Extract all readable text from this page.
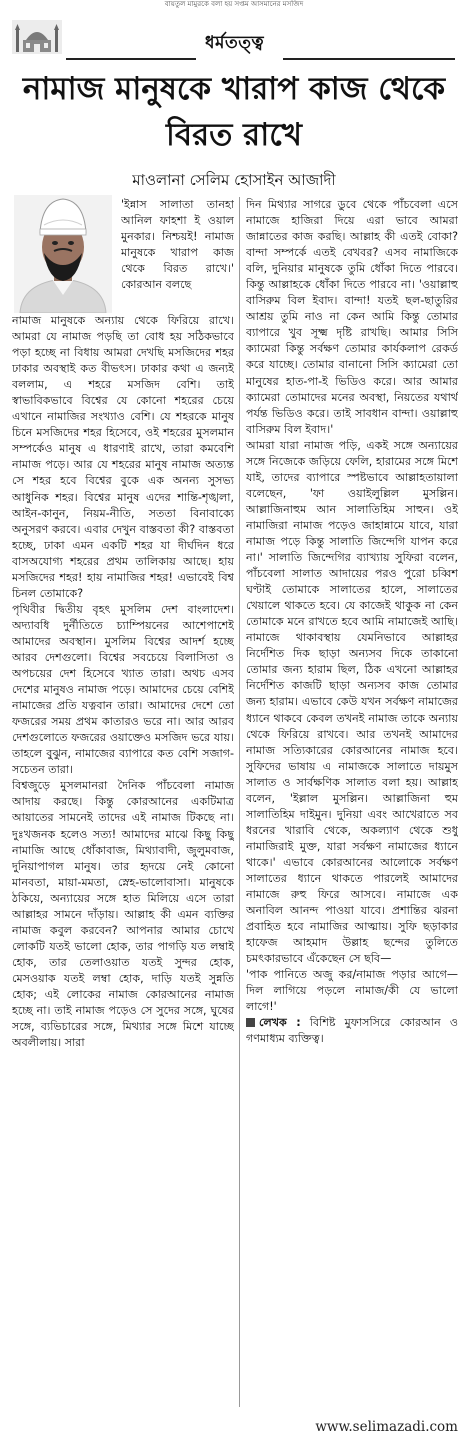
বায়তুল মামুরকে বলা হয় সপ্তম আসমানের মসজিদ
ধর্মতত্ত্ব
নামাজ মানুষকে খারাপ কাজ থেকে বিরত রাখে
মাওলানা সেলিম হোসাইন আজাদী

'ইন্নাস সালাতা তানহা আনিল ফাহশা ই ওয়াল মুনকার। নিশ্চয়ই! নামাজ মানুষকে খারাপ কাজ থেকে বিরত রাখে।' কোরআন বলছে

নামাজ মানুষকে অন্যায় থেকে ফিরিয়ে রাখে। আমরা যে নামাজ পড়ছি তা বোধ হয় সঠিকভাবে পড়া হচ্ছে না বিধায় আমরা দেখছি মসজিদের শহর ঢাকার অবস্থাই কত বীভৎস। ঢাকার কথা এ জন্যই বললাম, এ শহরে মসজিদ বেশি। তাই স্বাভাবিকভাবে বিশ্বের যে কোনো শহরের চেয়ে এখানে নামাজির সংখ্যাও বেশি। যে শহরকে মানুষ চিনে মসজিদের শহর হিসেবে, ওই শহরের মুসলমান সম্পর্কেও মানুষ এ ধারণাই রাখে, তারা কমবেশি নামাজ পড়ে। আর যে শহরের মানুষ নামাজ অত্যন্ত সে শহর হবে বিশ্বের বুকে এক অনন্য সুসভ্য আধুনিক শহর। বিশ্বের মানুষ এদের শান্তি-শৃঙ্খলা, আইন-কানুন, নিয়ম-নীতি, সততা বিনাবাক্যে অনুসরণ করবে। এবার দেখুন বাস্তবতা কী? বাস্তবতা হচ্ছে, ঢাকা এমন একটি শহর যা দীর্ঘদিন ধরে বাসঅযোগ্য শহরের প্রথম তালিকায় আছে। হায় মসজিদের শহর! হায় নামাজির শহর! এভাবেই বিশ্ব চিনল তোমাকে?

পৃথিবীর দ্বিতীয় বৃহৎ মুসলিম দেশ বাংলাদেশ। অদ্যাবধি দুর্নীতিতে চ্যাম্পিয়নের আশেপাশেই আমাদের অবস্থান। মুসলিম বিশ্বের আদর্শ হচ্ছে আরব দেশগুলো। বিশ্বের সবচেয়ে বিলাসিতা ও অপচয়ের দেশ হিসেবে খ্যাত তারা। অথচ এসব দেশের মানুষও নামাজ পড়ে। আমাদের চেয়ে বেশিই নামাজের প্রতি যত্নবান তারা। আমাদের দেশে তো ফজরের সময় প্রথম কাতারও ভরে না। আর আরব দেশগুলোতে ফজরের ওয়াক্তেও মসজিদ ভরে যায়। তাহলে বুঝুন, নামাজের ব্যাপারে কত বেশি সজাগ-সচেতন তারা।

বিশ্বজুড়ে মুসলমানরা দৈনিক পাঁচবেলা নামাজ আদায় করছে। কিন্তু কোরআনের একটিমাত্র আয়াতের সামনেই তাদের এই নামাজ টিকছে না। দুঃখজনক হলেও সত্য! আমাদের মাঝে কিছু কিছু নামাজি আছে ধোঁকাবাজ, মিথ্যাবাদী, জুলুমবাজ, দুনিয়াপাগল মানুষ। তার হৃদয়ে নেই কোনো মানবতা, মায়া-মমতা, স্নেহ-ভালোবাসা। মানুষকে ঠকিয়ে, অন্যায়ের সঙ্গে হাত মিলিয়ে এসে তারা আল্লাহর সামনে দাঁড়ায়। আল্লাহ কী এমন ব্যক্তির নামাজ কবুল করবেন? আপনার আমার চোখে লোকটি যতই ভালো হোক, তার পাগড়ি যত লম্বাই হোক, তার তেলাওয়াত যতই সুন্দর হোক, মেসওয়াক যতই লম্বা হোক, দাড়ি যতই সুন্নতি হোক; এই লোকের নামাজ কোরআনের নামাজ হচ্ছে না। তাই নামাজ পড়েও সে সুদের সঙ্গে, ঘুষের সঙ্গে, ব্যভিচারের সঙ্গে, মিথ্যার সঙ্গে মিশে যাচ্ছে অবলীলায়। সারা

দিন মিথ্যার সাগরে ডুবে থেকে পাঁচবেলা এসে নামাজে হাজিরা দিয়ে এরা ভাবে আমরা জান্নাতের কাজ করছি। আল্লাহ কী এতই বোকা? বান্দা সম্পর্কে এতই বেখবর? এসব নামাজিকে বলি, দুনিয়ার মানুষকে তুমি ধোঁকা দিতে পারবে। কিন্তু আল্লাহকে ধোঁকা দিতে পারবে না। 'ওয়াল্লাহু বাসিরুম বিল ইবাদ। বান্দা! যতই ছল-ছাতুরির আশ্রয় তুমি নাও না কেন আমি কিন্তু তোমার ব্যাপারে খুব সূক্ষ্ম দৃষ্টি রাখছি। আমার সিসি ক্যামেরা কিন্তু সর্বক্ষণ তোমার কার্যকলাপ রেকর্ড করে যাচ্ছে। তোমার বানানো সিসি ক্যামেরা তো মানুষের হাত-পা-ই ভিডিও করে। আর আমার ক্যামেরা তোমাদের মনের অবস্থা, নিয়তের যথার্থ পর্যন্ত ভিডিও করে। তাই সাবধান বান্দা। ওয়াল্লাহু বাসিরুম বিল ইবাদ।'

আমরা যারা নামাজ পড়ি, একই সঙ্গে অন্যায়ের সঙ্গে নিজেকে জড়িয়ে ফেলি, হারামের সঙ্গে মিশে যাই, তাদের ব্যাপারে স্পষ্টভাবে আল্লাহতায়ালা বলেছেন, 'ফা ওয়াইলুল্লিল মুসল্লিন। আল্লাজিনাহুম আন সালাতিহিম সাহুন। ওই নামাজিরা নামাজ পড়েও জাহান্নামে যাবে, যারা নামাজ পড়ে কিন্তু সালাতি জিন্দেগি যাপন করে না।' সালাতি জিন্দেগির ব্যাখ্যায় সুফিরা বলেন, পাঁচবেলা সালাত আদায়ের পরও পুরো চব্বিশ ঘণ্টাই তোমাকে সালাতের হালে, সালাতের খেয়ালে থাকতে হবে। যে কাজেই থাকুক না কেন তোমাকে মনে রাখতে হবে আমি নামাজেই আছি। নামাজে থাকাবস্থায় যেমনিভাবে আল্লাহর নির্দেশিত দিক ছাড়া অন্যসব দিকে তাকানো তোমার জন্য হারাম ছিল, ঠিক এখনো আল্লাহর নির্দেশিত কাজটি ছাড়া অন্যসব কাজ তোমার জন্য হারাম। এভাবে কেউ যখন সর্বক্ষণ নামাজের ধ্যানে থাকবে কেবল তখনই নামাজ তাকে অন্যায় থেকে ফিরিয়ে রাখবে। আর তখনই আমাদের নামাজ সত্যিকারের কোরআনের নামাজ হবে। সুফিদের ভাষায় এ নামাজকে সালাতে দায়মুস সালাত ও সার্বক্ষণিক সালাত বলা হয়। আল্লাহ বলেন, 'ইল্লাল মুসল্লিন। আল্লাজিনা হুম সালাতিহিম দাইমুন। দুনিয়া এবং আখেরাতে সব ধরনের খারাবি থেকে, অকল্যাণ থেকে শুধু নামাজিরাই মুক্ত, যারা সর্বক্ষণ নামাজের ধ্যানে থাকে।' এভাবে কোরআনের আলোকে সর্বক্ষণ সালাতের ধ্যানে থাকতে পারলেই আমাদের নামাজে রুহু ফিরে আসবে। নামাজে এক অনাবিল আনন্দ পাওয়া যাবে। প্রশান্তির ঝরনা প্রবাহিত হবে নামাজির আত্মায়। সুফি ছড়াকার হাফেজ আহমাদ উল্লাহ ছন্দের তুলিতে চমৎকারভাবে এঁকেছেন সে ছবি—

'পাক পানিতে অজু কর/নামাজ পড়ার আগে—দিল লাগিয়ে পড়লে নামাজ/কী যে ভালো লাগে!'

লেখক : বিশিষ্ট মুফাসসিরে কোরআন ও গণমাধ্যম ব্যক্তিত্ব।

www.selimazadi.com
